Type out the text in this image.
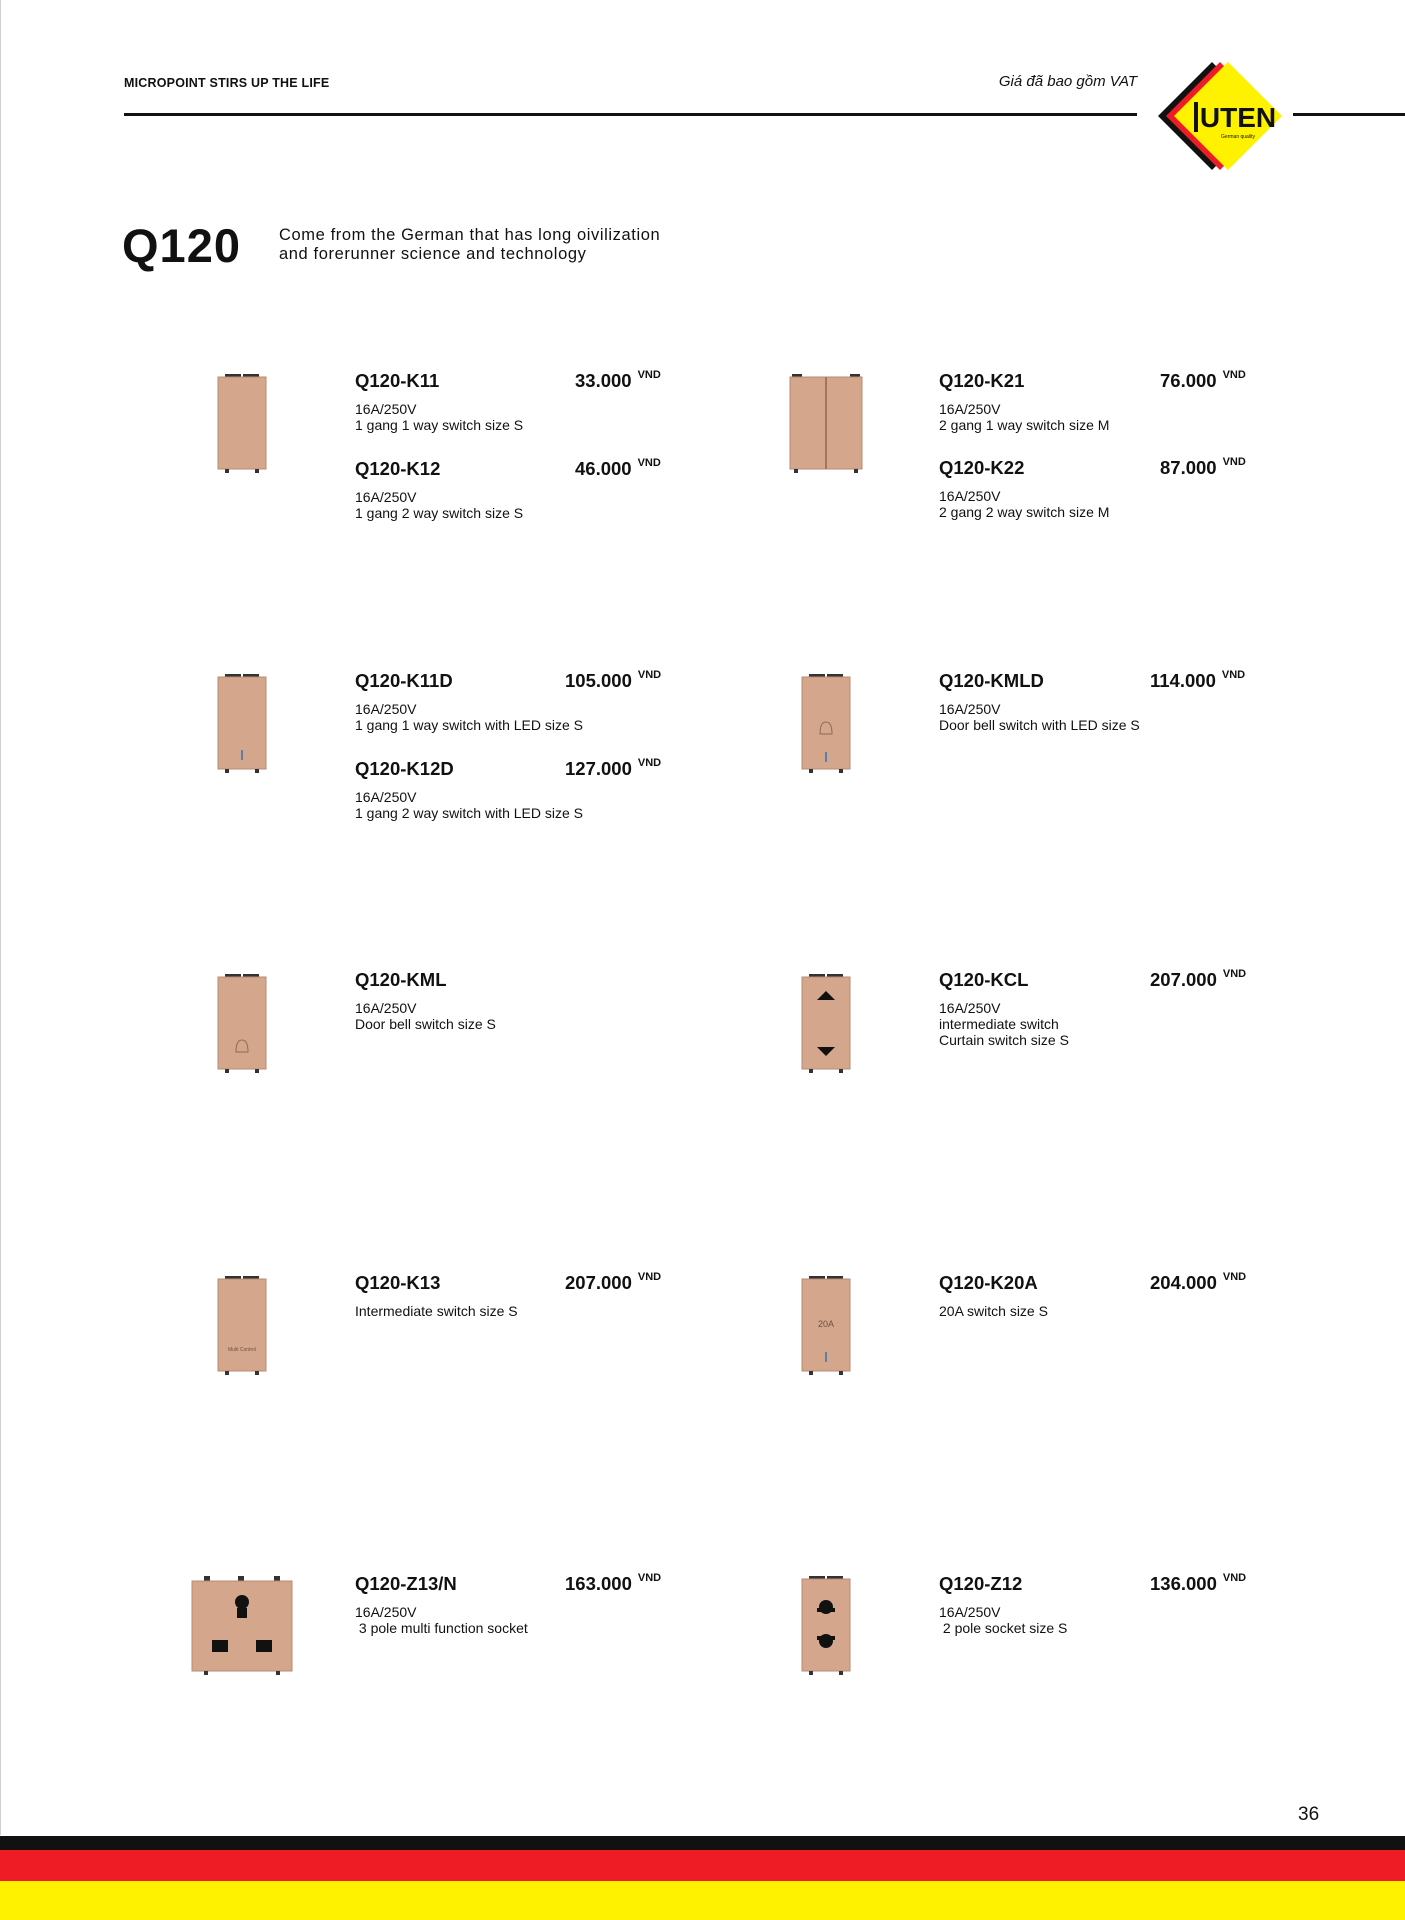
MICROPOINT STIRS UP THE LIFE	Giá đã bao gồm VAT
UTEN
German quality
Q120 Come from the German that has long oivilization
and forerunner science and technology
Multi Control
20A
Q120-K11	33.000 $^{VND}$
16A/250V
1 gang 1 way switch size S
Q120-K12	46.000 $^{VND}$
16A/250V
1 gang 2 way switch size S
Q120-K21	76.000 $^{VND}$
16A/250V
2 gang 1 way switch size M
Q120-K22	87.000 $^{VND}$
16A/250V
2 gang 2 way switch size M
Q120-K11D	105.000 $^{VND}$
16A/250V
1 gang 1 way switch with LED size S
Q120-K12D	127.000 $^{VND}$
16A/250V
1 gang 2 way switch with LED size S
Q120-KMLD	114.000 $^{VND}$
16A/250V
Door bell switch with LED size S
Q120-KML
16A/250V
Door bell switch size S
Q120-KCL	207.000 $^{VND}$
16A/250V
intermediate switch
Curtain switch size S
Q120-K13	207.000 $^{VND}$
Intermediate switch size S
Q120-K20A	204.000 $^{VND}$
20A switch size S
Q120-Z13/N	163.000 $^{VND}$
16A/250V
3 pole multi function socket
Q120-Z12	136.000 $^{VND}$
16A/250V
2 pole socket size S
36
